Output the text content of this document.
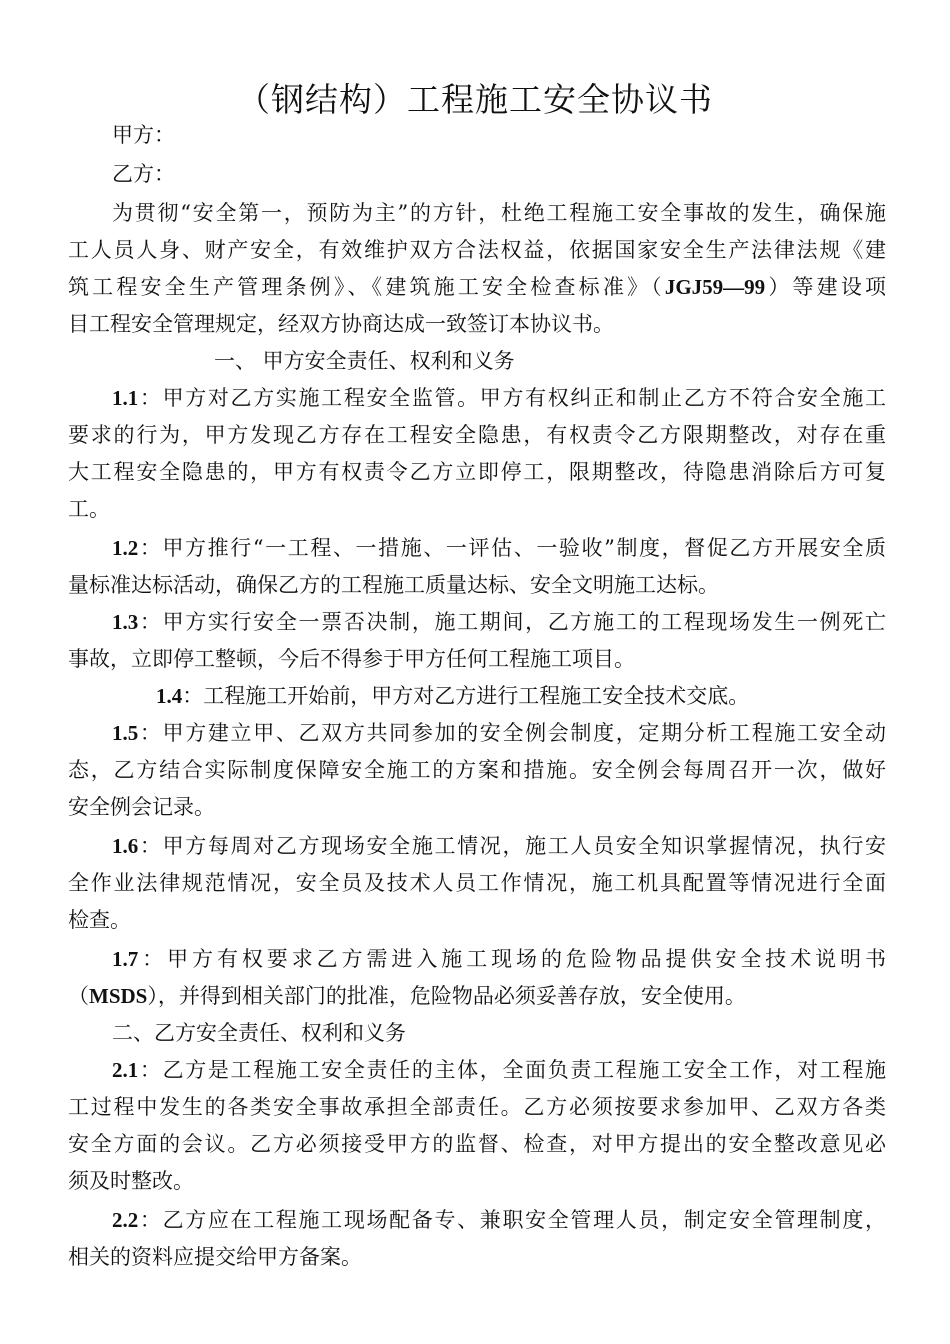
（钢结构）工程施工安全协议书
甲方：
乙方：
为贯彻“安全第一，预防为主”的方针，杜绝工程施工安全事故的发生，确保施
工人员人身、财产安全，有效维护双方合法权益，依据国家安全生产法律法规《建
筑工程安全生产管理条例》、《建筑施工安全检查标准》（JGJ59—99）等建设项
目工程安全管理规定，经双方协商达成一致签订本协议书。
一、 甲方安全责任、权利和义务
1.1：甲方对乙方实施工程安全监管。甲方有权纠正和制止乙方不符合安全施工
要求的行为，甲方发现乙方存在工程安全隐患，有权责令乙方限期整改，对存在重
大工程安全隐患的，甲方有权责令乙方立即停工，限期整改，待隐患消除后方可复
工。
1.2：甲方推行“一工程、一措施、一评估、一验收”制度，督促乙方开展安全质
量标准达标活动，确保乙方的工程施工质量达标、安全文明施工达标。
1.3：甲方实行安全一票否决制，施工期间，乙方施工的工程现场发生一例死亡
事故，立即停工整顿，今后不得参于甲方任何工程施工项目。
1.4：工程施工开始前，甲方对乙方进行工程施工安全技术交底。
1.5：甲方建立甲、乙双方共同参加的安全例会制度，定期分析工程施工安全动
态，乙方结合实际制度保障安全施工的方案和措施。安全例会每周召开一次，做好
安全例会记录。
1.6：甲方每周对乙方现场安全施工情况，施工人员安全知识掌握情况，执行安
全作业法律规范情况，安全员及技术人员工作情况，施工机具配置等情况进行全面
检查。
1.7：甲方有权要求乙方需进入施工现场的危险物品提供安全技术说明书
（MSDS），并得到相关部门的批准，危险物品必须妥善存放，安全使用。
二、乙方安全责任、权利和义务
2.1：乙方是工程施工安全责任的主体，全面负责工程施工安全工作，对工程施
工过程中发生的各类安全事故承担全部责任。乙方必须按要求参加甲、乙双方各类
安全方面的会议。乙方必须接受甲方的监督、检查，对甲方提出的安全整改意见必
须及时整改。
2.2：乙方应在工程施工现场配备专、兼职安全管理人员，制定安全管理制度，
相关的资料应提交给甲方备案。
